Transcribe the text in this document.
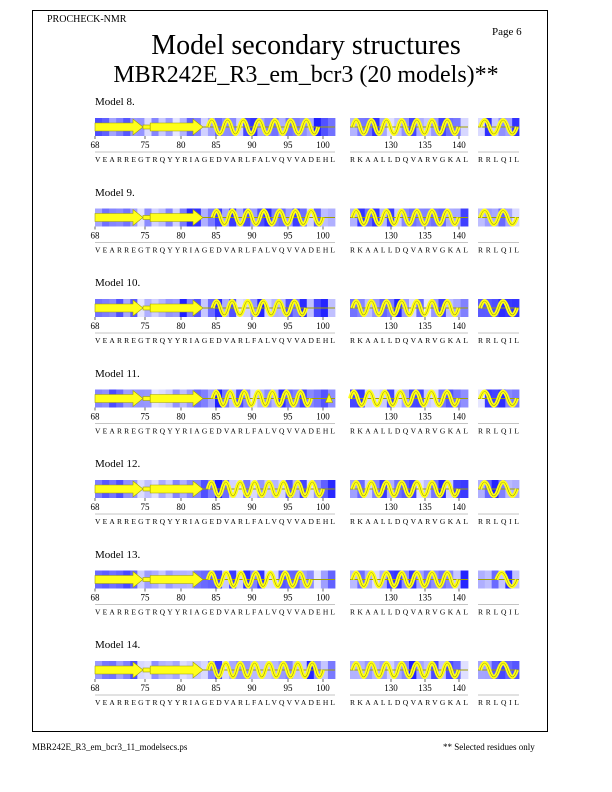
PROCHECK-NMR
Page 6
Model secondary structures
MBR242E_R3_em_bcr3 (20 models)**
MBR242E_R3_em_bcr3_11_modelsecs.ps	** Selected residues only
68	75	80	85	90	95	100
VEARREGTRQYYRIAGEDVARLFALVQVVADEHL
130 135 140
RKAALLDQVARVGKAL RRLQIL
68	75	80	85	90	95	100
VEARREGTRQYYRIAGEDVARLFALVQVVADEHL
130 135 140
RKAALLDQVARVGKAL RRLQIL
68	75	80	85	90	95	100
VEARREGTRQYYRIAGEDVARLFALVQVVADEHL
130 135 140
RKAALLDQVARVGKAL RRLQIL
68	75	80	85	90	95	100
VEARREGTRQYYRIAGEDVARLFALVQVVADEHL
130 135 140
RKAALLDQVARVGKAL RRLQIL
68	75	80	85	90	95	100
VEARREGTRQYYRIAGEDVARLFALVQVVADEHL
130 135 140
RKAALLDQVARVGKAL RRLQIL
68	75	80	85	90	95	100
VEARREGTRQYYRIAGEDVARLFALVQVVADEHL
130 135 140
RKAALLDQVARVGKAL RRLQIL
68	75	80	85	90	95	100
VEARREGTRQYYRIAGEDVARLFALVQVVADEHL
130 135 140
RKAALLDQVARVGKAL RRLQIL
Model 8.
Model 9.
Model 10.
Model 11.
Model 12.
Model 13.
Model 14.
